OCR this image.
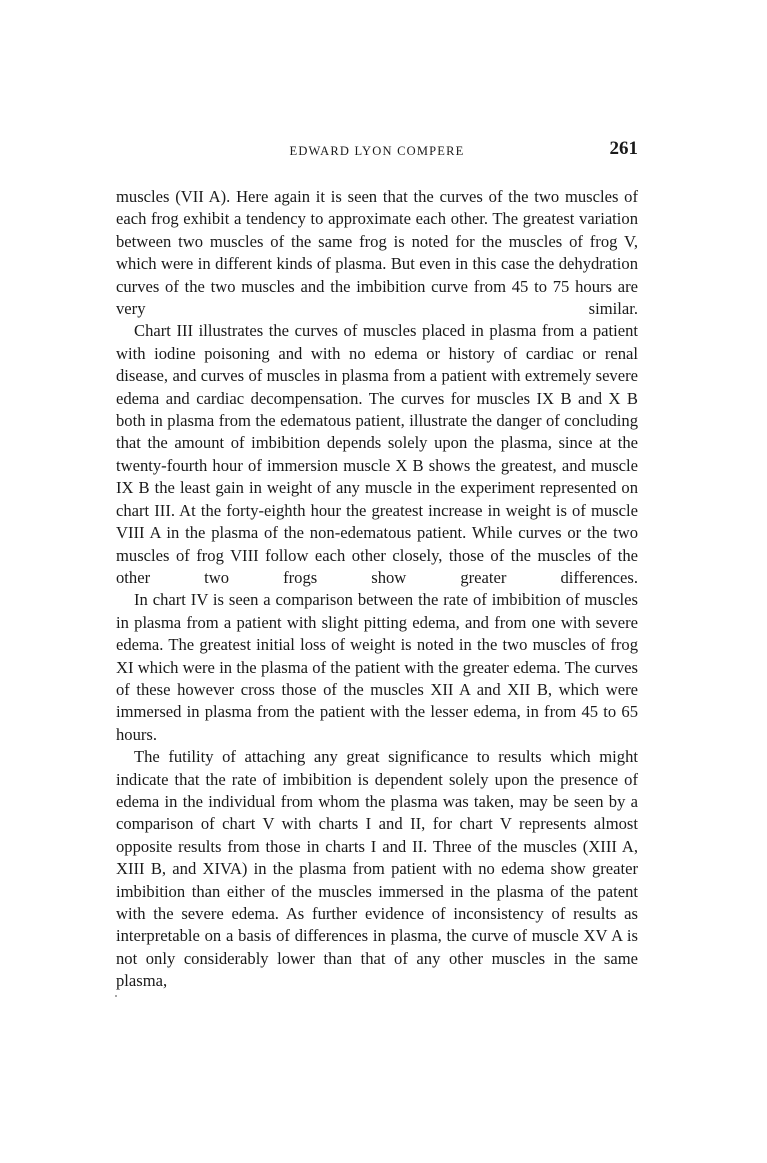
EDWARD LYON COMPERE	261

muscles (VII A). Here again it is seen that the curves of the two muscles of each frog exhibit a tendency to approximate each other. The greatest variation between two muscles of the same frog is noted for the muscles of frog V, which were in different kinds of plasma. But even in this case the dehydration curves of the two muscles and the imbibition curve from 45 to 75 hours are very similar.

Chart III illustrates the curves of muscles placed in plasma from a patient with iodine poisoning and with no edema or history of cardiac or renal disease, and curves of muscles in plasma from a patient with extremely severe edema and cardiac decompensation. The curves for muscles IX B and X B both in plasma from the edematous patient, illustrate the danger of concluding that the amount of imbibition depends solely upon the plasma, since at the twenty-fourth hour of immersion muscle X B shows the greatest, and muscle IX B the least gain in weight of any muscle in the experiment represented on chart III. At the forty-eighth hour the greatest increase in weight is of muscle VIII A in the plasma of the non-edematous patient. While curves or the two muscles of frog VIII follow each other closely, those of the muscles of the other two frogs show greater differences.

In chart IV is seen a comparison between the rate of imbibition of muscles in plasma from a patient with slight pitting edema, and from one with severe edema. The greatest initial loss of weight is noted in the two muscles of frog XI which were in the plasma of the patient with the greater edema. The curves of these however cross those of the muscles XII A and XII B, which were immersed in plasma from the patient with the lesser edema, in from 45 to 65 hours.

The futility of attaching any great significance to results which might indicate that the rate of imbibition is dependent solely upon the presence of edema in the individual from whom the plasma was taken, may be seen by a comparison of chart V with charts I and II, for chart V represents almost opposite results from those in charts I and II. Three of the muscles (XIII A, XIII B, and XIVA) in the plasma from patient with no edema show greater imbibition than either of the muscles immersed in the plasma of the patent with the severe edema. As further evidence of inconsistency of results as interpretable on a basis of differences in plasma, the curve of muscle XV A is not only considerably lower than that of any other muscles in the same plasma,
